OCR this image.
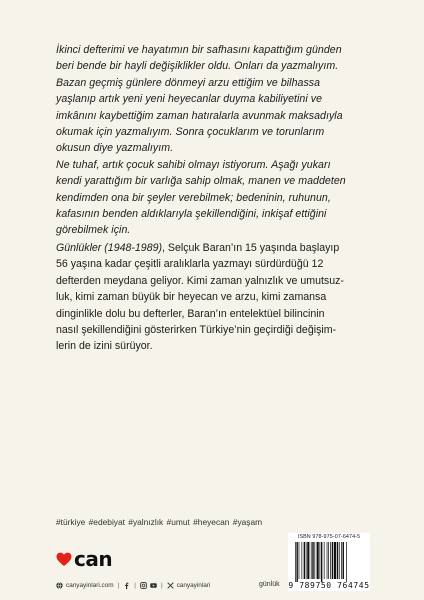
İkinci defterimi ve hayatımın bir safhasını kapattığım günden
beri bende bir hayli değişiklikler oldu. Onları da yazmalıyım.
Bazan geçmiş günlere dönmeyi arzu ettiğim ve bilhassa
yaşlanıp artık yeni yeni heyecanlar duyma kabiliyetini ve
imkânını kaybettiğim zaman hatıralarla avunmak maksadıyla
okumak için yazmalıyım. Sonra çocuklarım ve torunlarım
okusun diye yazmalıyım.
Ne tuhaf, artık çocuk sahibi olmayı istiyorum. Aşağı yukarı
kendi yarattığım bir varlığa sahip olmak, manen ve maddeten
kendimden ona bir şeyler verebilmek; bedeninin, ruhunun,
kafasının benden aldıklarıyla şekillendiğini, inkişaf ettiğini
görebilmek için.

Günlükler (1948-1989), Selçuk Baran’ın 15 yaşında başlayıp
56 yaşına kadar çeşitli aralıklarla yazmayı sürdürdüğü 12
defterden meydana geliyor. Kimi zaman yalnızlık ve umutsuz-
luk, kimi zaman büyük bir heyecan ve arzu, kimi zamansa
dinginlikle dolu bu defterler, Baran’ın entelektüel bilincinin
nasıl şekillendiğini gösterirken Türkiye’nin geçirdiği değişim-
lerin de izini sürüyor.

#türkiye #edebiyat #yalnızlık #umut #heyecan #yaşam
can
canyayinlari.com | |	| canyayinlari	günlük
ISBN 978-975-07-6474-5
9 789750 764745
